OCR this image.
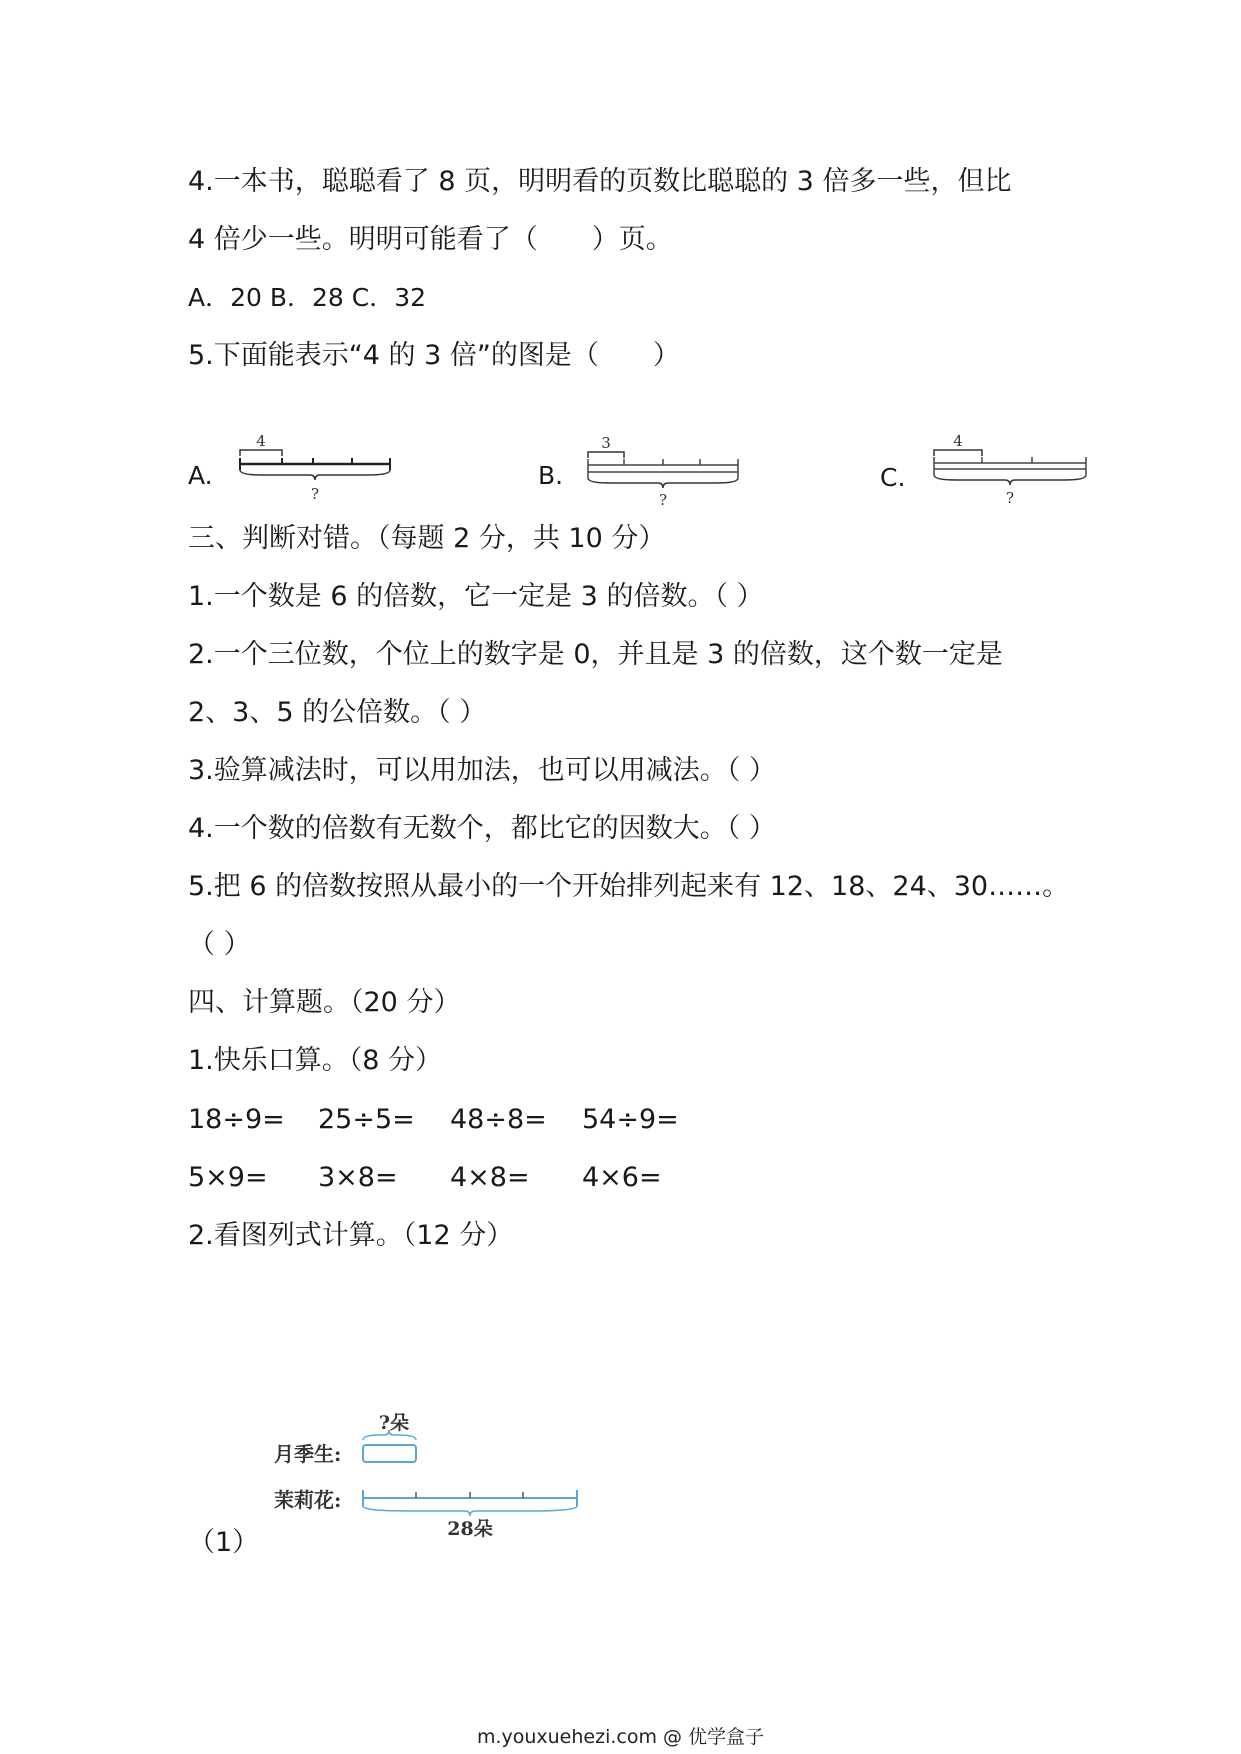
4.一本书，聪聪看了 8 页，明明看的页数比聪聪的 3 倍多一些，但比
4 倍少一些。明明可能看了（　　）页。
A．20 B．28 C．32
5.下面能表示“4 的 3 倍”的图是（　　）
A.
4
?
B.
3
?
C.
4
?
三、判断对错。（每题 2 分，共 10 分）
1.一个数是 6 的倍数，它一定是 3 的倍数。（ ）
2.一个三位数，个位上的数字是 0，并且是 3 的倍数，这个数一定是
2、3、5 的公倍数。（ ）
3.验算减法时，可以用加法，也可以用减法。（ ）
4.一个数的倍数有无数个，都比它的因数大。（ ）
5.把 6 的倍数按照从最小的一个开始排列起来有 12、18、24、30……。
（ ）
四、计算题。（20 分）
1.快乐口算。（8 分）
18÷9= 25÷5= 48÷8= 54÷9=
5×9= 3×8= 4×8= 4×6=
2.看图列式计算。（12 分）
（1）
?朵
月季生:
茉莉花:
28朵
m.youxuehezi.com @ 优学盒子
